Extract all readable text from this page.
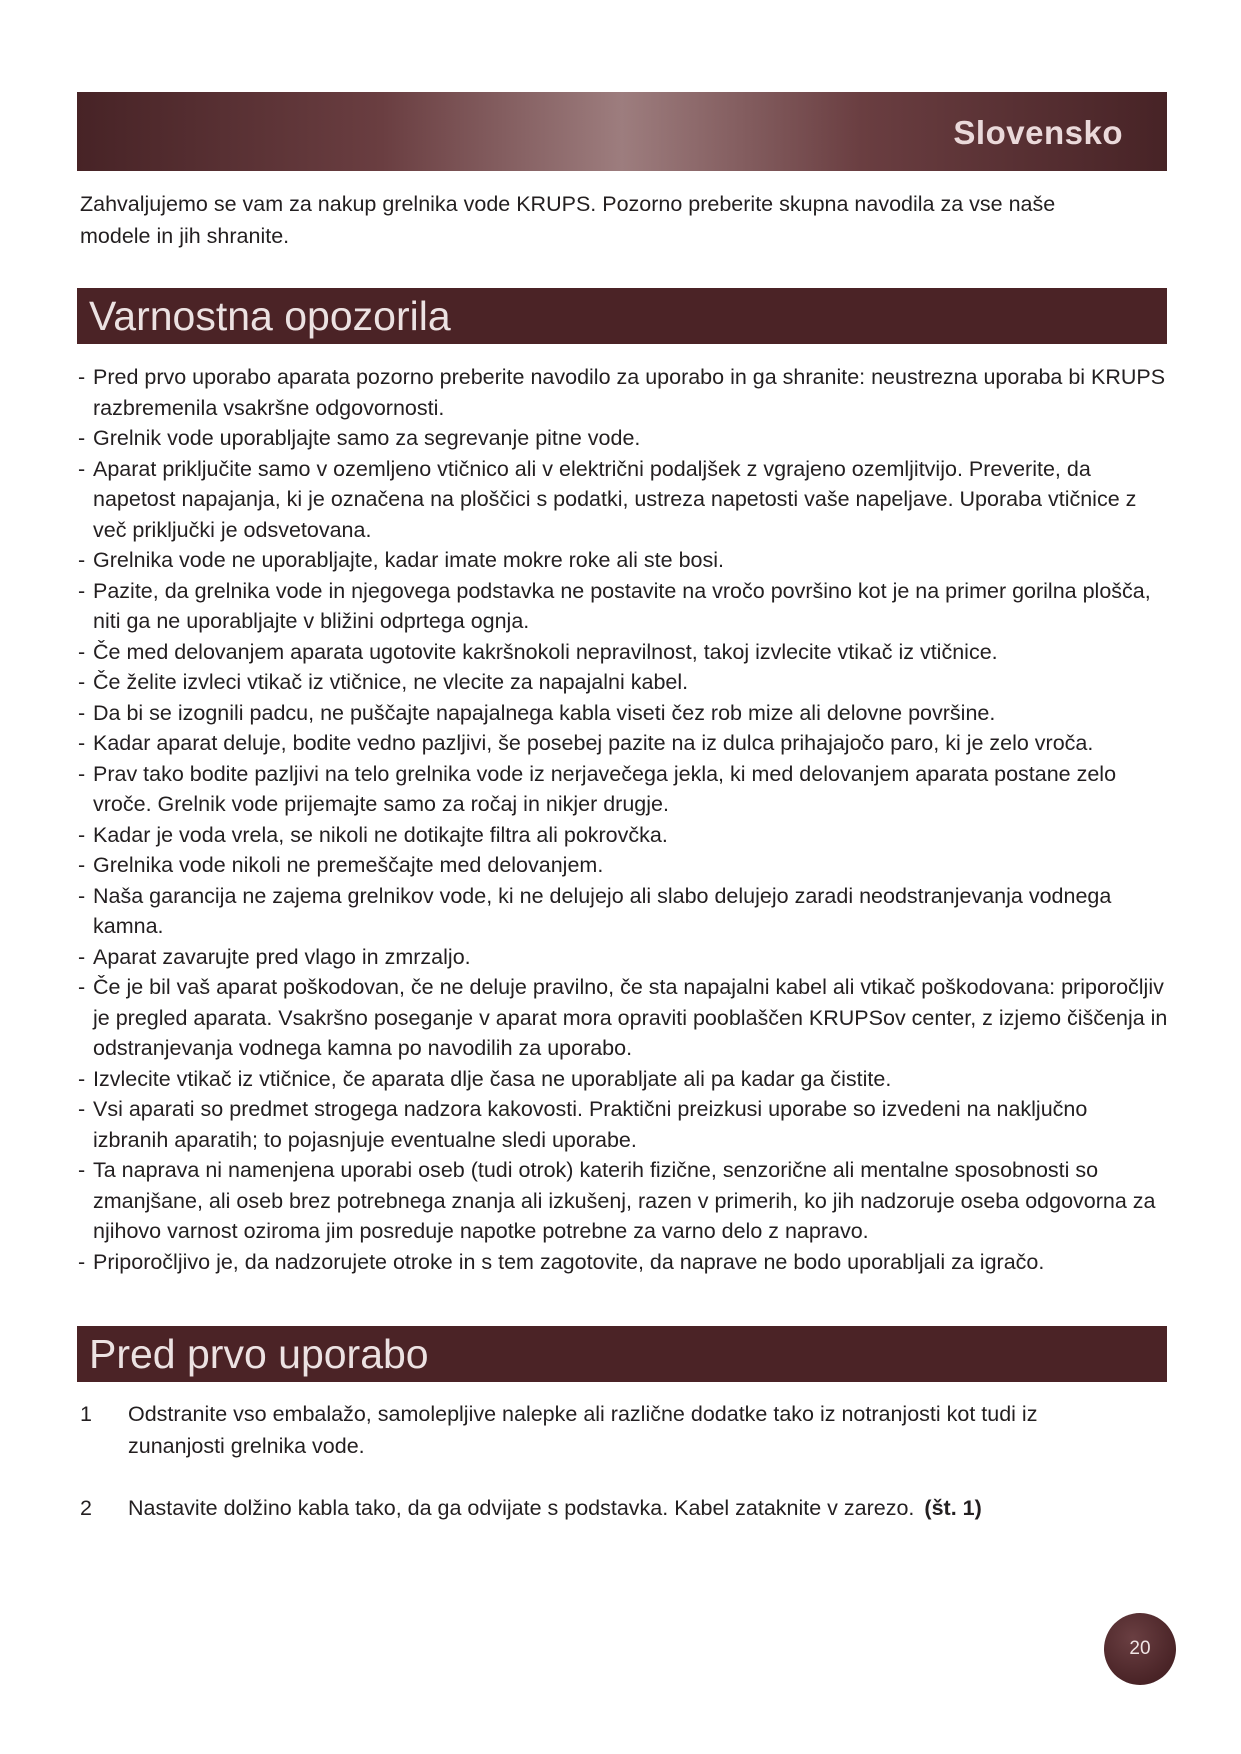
Slovensko

Zahvaljujemo se vam za nakup grelnika vode KRUPS. Pozorno preberite skupna navodila za vse naše modele in jih shranite.

Varnostna opozorila
- Pred prvo uporabo aparata pozorno preberite navodilo za uporabo in ga shranite: neustrezna uporaba bi KRUPS razbremenila vsakršne odgovornosti.
- Grelnik vode uporabljajte samo za segrevanje pitne vode.
- Aparat priključite samo v ozemljeno vtičnico ali v električni podaljšek z vgrajeno ozemljitvijo. Preverite, da napetost napajanja, ki je označena na ploščici s podatki, ustreza napetosti vaše napeljave. Uporaba vtičnice z več priključki je odsvetovana.
- Grelnika vode ne uporabljajte, kadar imate mokre roke ali ste bosi.
- Pazite, da grelnika vode in njegovega podstavka ne postavite na vročo površino kot je na primer gorilna plošča, niti ga ne uporabljajte v bližini odprtega ognja.
- Če med delovanjem aparata ugotovite kakršnokoli nepravilnost, takoj izvlecite vtikač iz vtičnice.
- Če želite izvleci vtikač iz vtičnice, ne vlecite za napajalni kabel.
- Da bi se izognili padcu, ne puščajte napajalnega kabla viseti čez rob mize ali delovne površine.
- Kadar aparat deluje, bodite vedno pazljivi, še posebej pazite na iz dulca prihajajočo paro, ki je zelo vroča.
- Prav tako bodite pazljivi na telo grelnika vode iz nerjavečega jekla, ki med delovanjem aparata postane zelo vroče. Grelnik vode prijemajte samo za ročaj in nikjer drugje.
- Kadar je voda vrela, se nikoli ne dotikajte filtra ali pokrovčka.
- Grelnika vode nikoli ne premeščajte med delovanjem.
- Naša garancija ne zajema grelnikov vode, ki ne delujejo ali slabo delujejo zaradi neodstranjevanja vodnega kamna.
- Aparat zavarujte pred vlago in zmrzaljo.
- Če je bil vaš aparat poškodovan, če ne deluje pravilno, če sta napajalni kabel ali vtikač poškodovana: priporočljiv je pregled aparata. Vsakršno poseganje v aparat mora opraviti pooblaščen KRUPSov center, z izjemo čiščenja in odstranjevanja vodnega kamna po navodilih za uporabo.
- Izvlecite vtikač iz vtičnice, če aparata dlje časa ne uporabljate ali pa kadar ga čistite.
- Vsi aparati so predmet strogega nadzora kakovosti. Praktični preizkusi uporabe so izvedeni na naključno izbranih aparatih; to pojasnjuje eventualne sledi uporabe.
- Ta naprava ni namenjena uporabi oseb (tudi otrok) katerih fizične, senzorične ali mentalne sposobnosti so zmanjšane, ali oseb brez potrebnega znanja ali izkušenj, razen v primerih, ko jih nadzoruje oseba odgovorna za njihovo varnost oziroma jim posreduje napotke potrebne za varno delo z napravo.
- Priporočljivo je, da nadzorujete otroke in s tem zagotovite, da naprave ne bodo uporabljali za igračo.
Pred prvo uporabo
1	Odstranite vso embalažo, samolepljive nalepke ali različne dodatke tako iz notranjosti kot tudi iz zunanjosti grelnika vode.
2	Nastavite dolžino kabla tako, da ga odvijate s podstavka. Kabel zataknite v zarezo. (št. 1)
20
